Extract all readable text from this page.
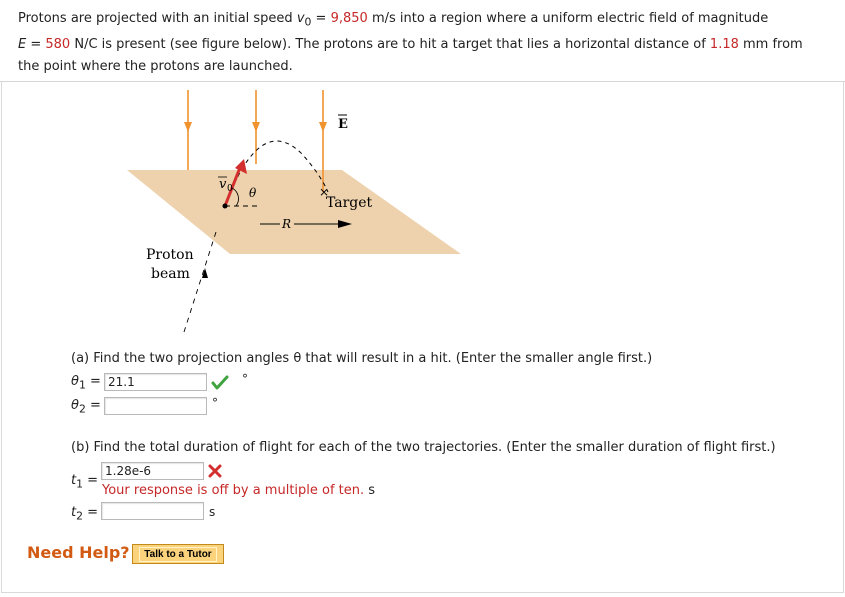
Protons are projected with an initial speed $v_0 = 9,850$ m/s into a region where a uniform electric field of magnitude
E = 580 N/C is present (see figure below). The protons are to hit a target that lies a horizontal distance of 1.18 mm from the point where the protons are launched.
E
v 0 θ	×
Target
R
Proton
beam
(a) Find the two projection angles θ that will result in a hit. (Enter the smaller angle first.)
$\theta_1 = 21.1$	°
$\theta_2$ =	°
(b) Find the total duration of flight for each of the two trajectories. (Enter the smaller duration of flight first.)
$t_1$ =
1.28e-6
Your response is off by a multiple of ten. s
$t_2$ =	s
Need Help?	Talk to a Tutor
